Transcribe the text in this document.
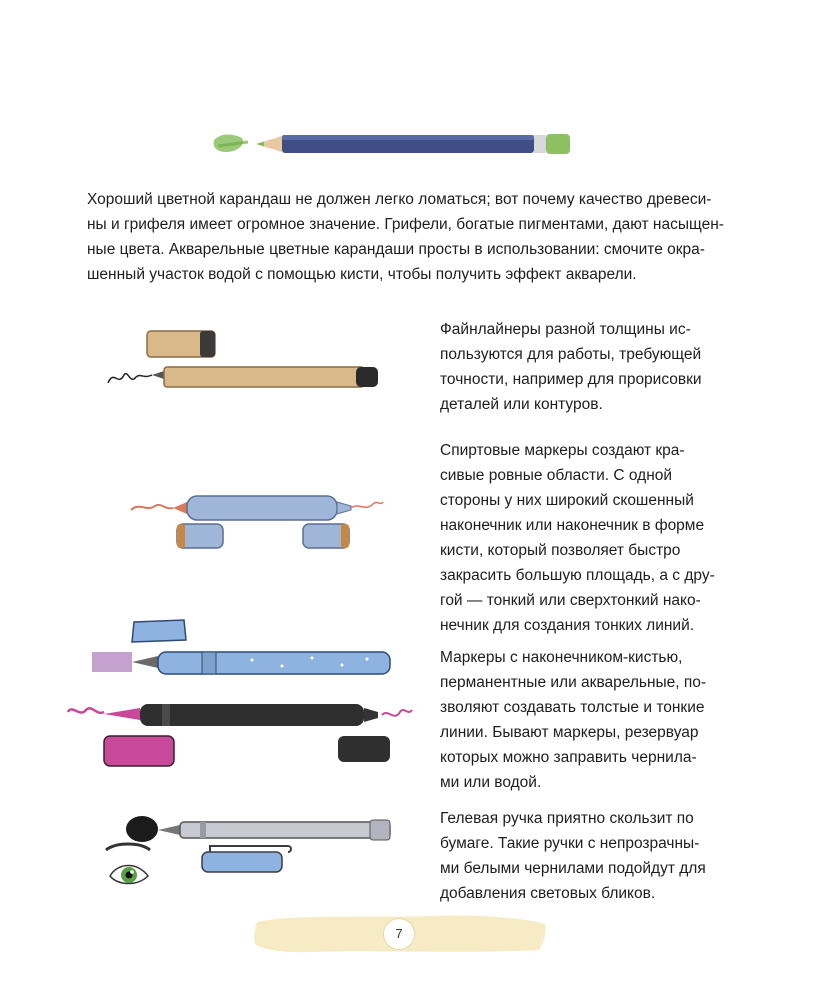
Хороший цветной карандаш не должен легко ломаться; вот почему качество древеси-
ны и грифеля имеет огромное значение. Грифели, богатые пигментами, дают насыщен-
ные цвета. Акварельные цветные карандаши просты в использовании: смочите окра-
шенный участок водой с помощью кисти, чтобы получить эффект акварели.

Файнлайнеры разной толщины ис-
пользуются для работы, требующей
точности, например для прорисовки
деталей или контуров.

Спиртовые маркеры создают кра-
сивые ровные области. С одной
стороны у них широкий скошенный
наконечник или наконечник в форме
кисти, который позволяет быстро
закрасить большую площадь, а с дру-
гой — тонкий или сверхтонкий нако-
нечник для создания тонких линий.

Маркеры с наконечником-кистью,
перманентные или акварельные, по-
зволяют создавать толстые и тонкие
линии. Бывают маркеры, резервуар
которых можно заправить чернила-
ми или водой.

Гелевая ручка приятно скользит по
бумаге. Такие ручки с непрозрачны-
ми белыми чернилами подойдут для
добавления световых бликов.

7
